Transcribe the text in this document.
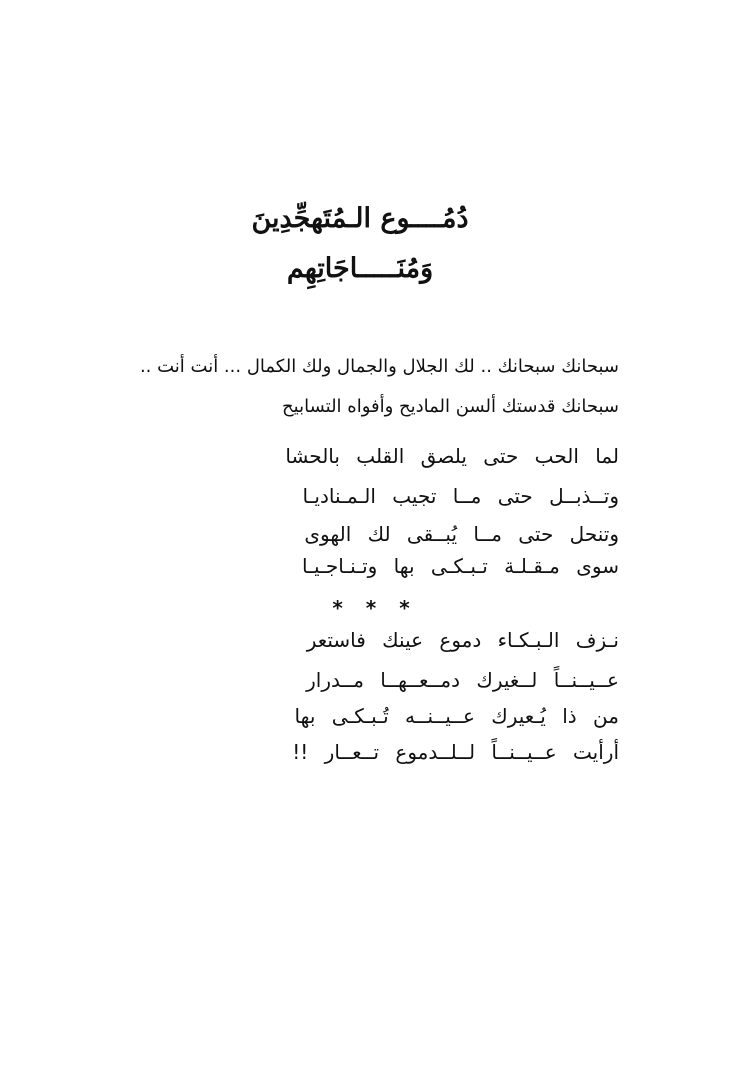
دُمُــــوع الـمُتَهجِّدِينَ
وَمُنَـــــاجَاتِهِم
سبحانك سبحانك .. لك الجلال والجمال ولك الكمال ... أنت أنت ..
سبحانك قدستك ألسن الماديح وأفواه التسابيح
لما الحب حتى يلصق القلب بالحشا
وتــذبــل حتى مــا تجيب الـمـناديـا
وتنحل حتى مــا يُبــقى لك الهوى
سوى مـقـلـة تـبـكـى بها وتـنـاجـيـا
* * *
نـزف الـبـكـاء دموع عينك فاستعر
عــيــنــاً لــغيرك دمــعــهــا مــدرار
من ذا يُـعيرك عــيــنــه تُـبـكـى بها
أرأيت عــيــنــاً لــلــدموع تــعــار !!
